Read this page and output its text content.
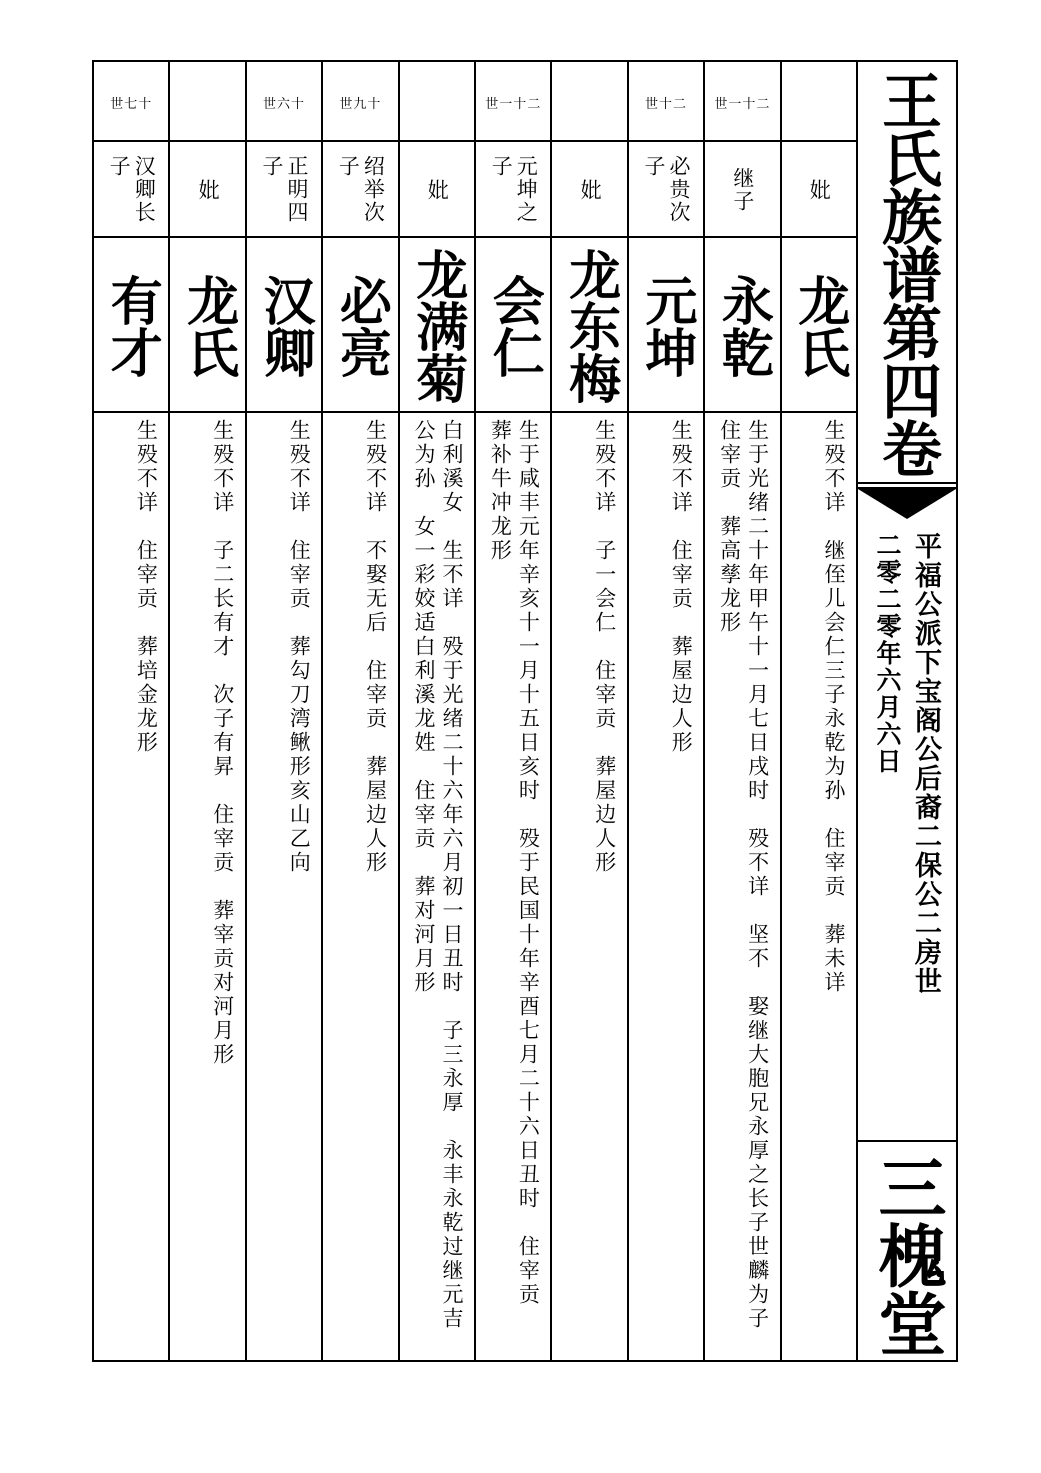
妣
龙氏
生殁不详　继侄儿会仁三子永乾为孙　住宰贡　葬未详
二十一世
继子
永乾
生于光绪二十年甲午十一月七日戌时　殁不详　坚不　娶继大胞兄永厚之长子世麟为子　住宰贡　葬高孳龙形
二十世
必贵次子
元坤
生殁不详　住宰贡　葬屋边人形
妣
龙东梅
生殁不详　子一会仁　住宰贡　葬屋边人形
二十一世
元坤之子
会仁
生于咸丰元年辛亥十一月十五日亥时　殁于民国十年辛酉七月二十六日丑时　住宰贡　葬补牛冲龙形
妣
龙满菊
白利溪女　生不详　殁于光绪二十六年六月初一日丑时　子三永厚　永丰永乾过继元吉公为孙　女一彩姣适白利溪龙姓　住宰贡　葬对河月形
十九世
绍举次子
必亮
生殁不详　不娶无后　住宰贡　葬屋边人形
十六世
正明四子
汉卿
生殁不详　住宰贡　葬勾刀湾鳅形亥山乙向
妣
龙氏
生殁不详　子二长有才　次子有昇　住宰贡　葬宰贡对河月形
十七世
汉卿长子
有才
生殁不详　住宰贡　葬培金龙形
王氏族谱第四卷
平福公派下宝阁公后裔二保公二房世
二零二零年六月六日
三槐堂
